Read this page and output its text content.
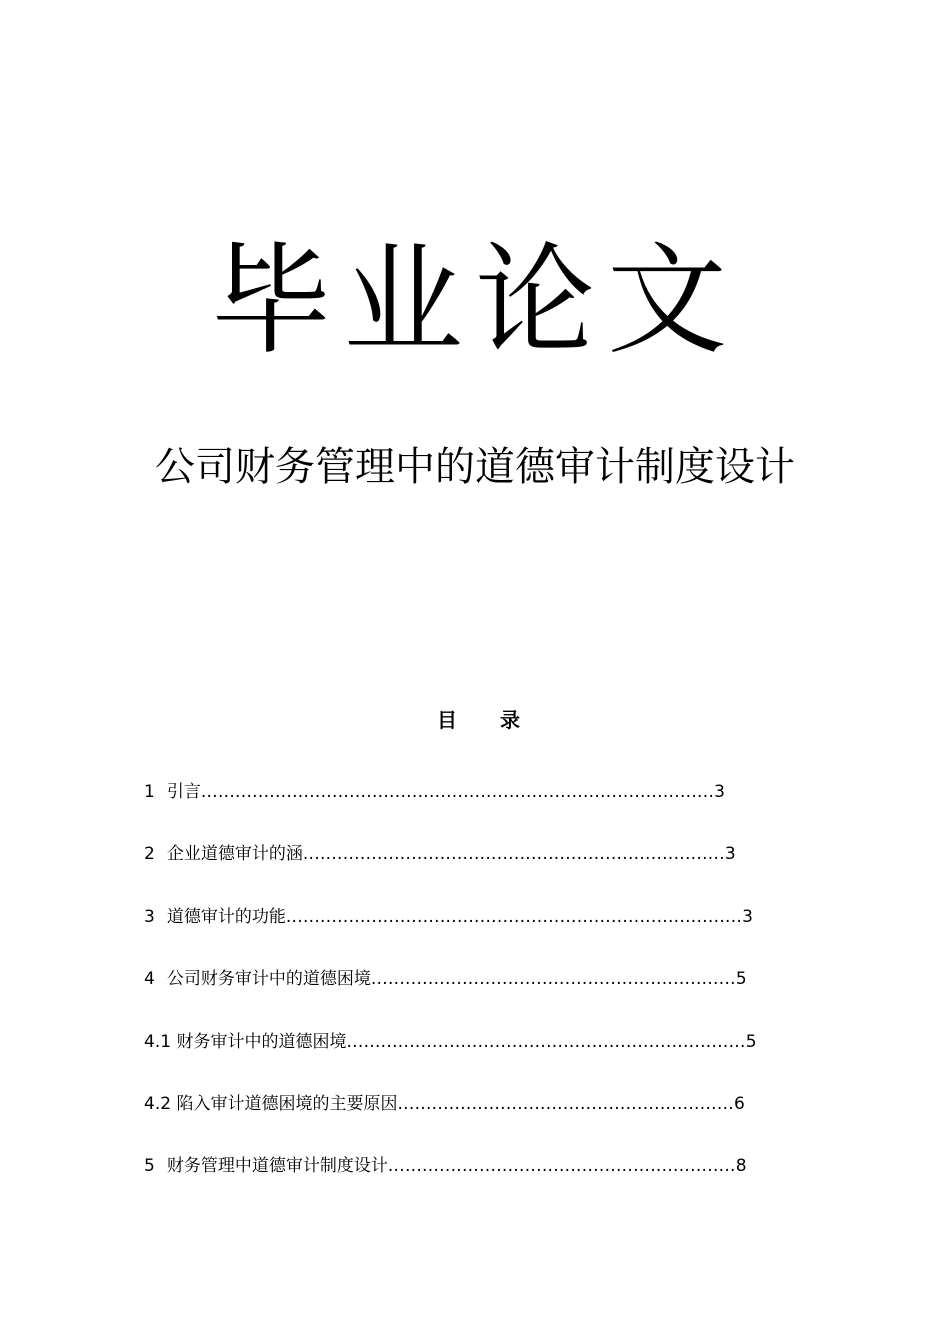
毕业论文
公司财务管理中的道德审计制度设计
目 录
1 引言..........................................................................................3
2 企业道德审计的涵..........................................................................3
3 道德审计的功能................................................................................3
4 公司财务审计中的道德困境................................................................5
4.1 财务审计中的道德困境......................................................................5
4.2 陷入审计道德困境的主要原因...........................................................6
5 财务管理中道德审计制度设计.............................................................8
